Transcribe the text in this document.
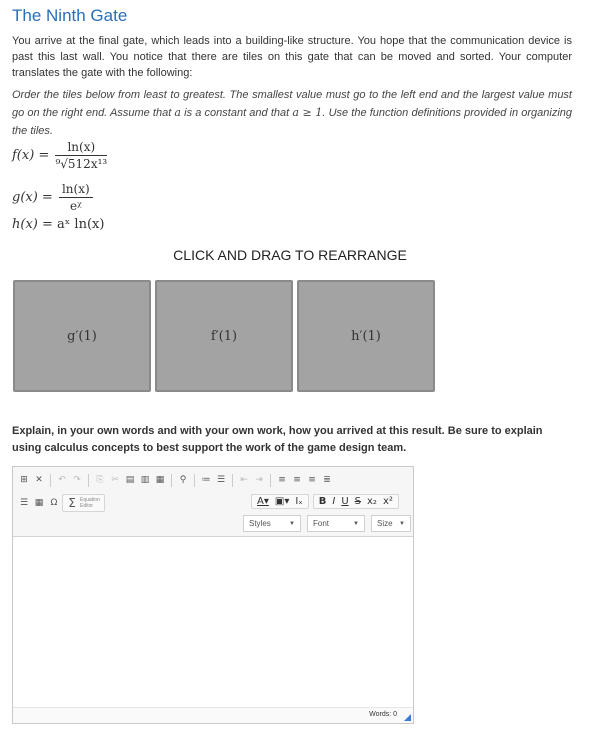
The Ninth Gate

You arrive at the final gate, which leads into a building-like structure. You hope that the communication device is past this last wall. You notice that there are tiles on this gate that can be moved and sorted. Your computer translates the gate with the following:

Order the tiles below from least to greatest. The smallest value must go to the left end and the largest value must go on the right end. Assume that a is a constant and that a ≥ 1. Use the function definitions provided in organizing the tiles.

$f(x) = \frac{\ln(x)}{\text{⁹√512x¹³}}$
$g(x) = \frac{\ln(x)}{\text{eᵡ}}$
h(x) = aˣ ln(x)

CLICK AND DRAG TO REARRANGE

g′(1)	f′(1)	h′(1)

Explain, in your own words and with your own work, how you arrived at this result. Be sure to explain using calculus concepts to best support the work of the game design team.

⊞ ✕	↶ ↷	⎘ ✂ ▤ ▥ ▦	⚲	≔ ☰	⇤ ⇥	≡ ≡ ≡ ≣
☰ ▦ Ω Σ Equation Editor	A▾ ▣▾ Iₓ	B I U S x₂ x²
Styles	▼ Font	▼ Size ▼
Words: 0
